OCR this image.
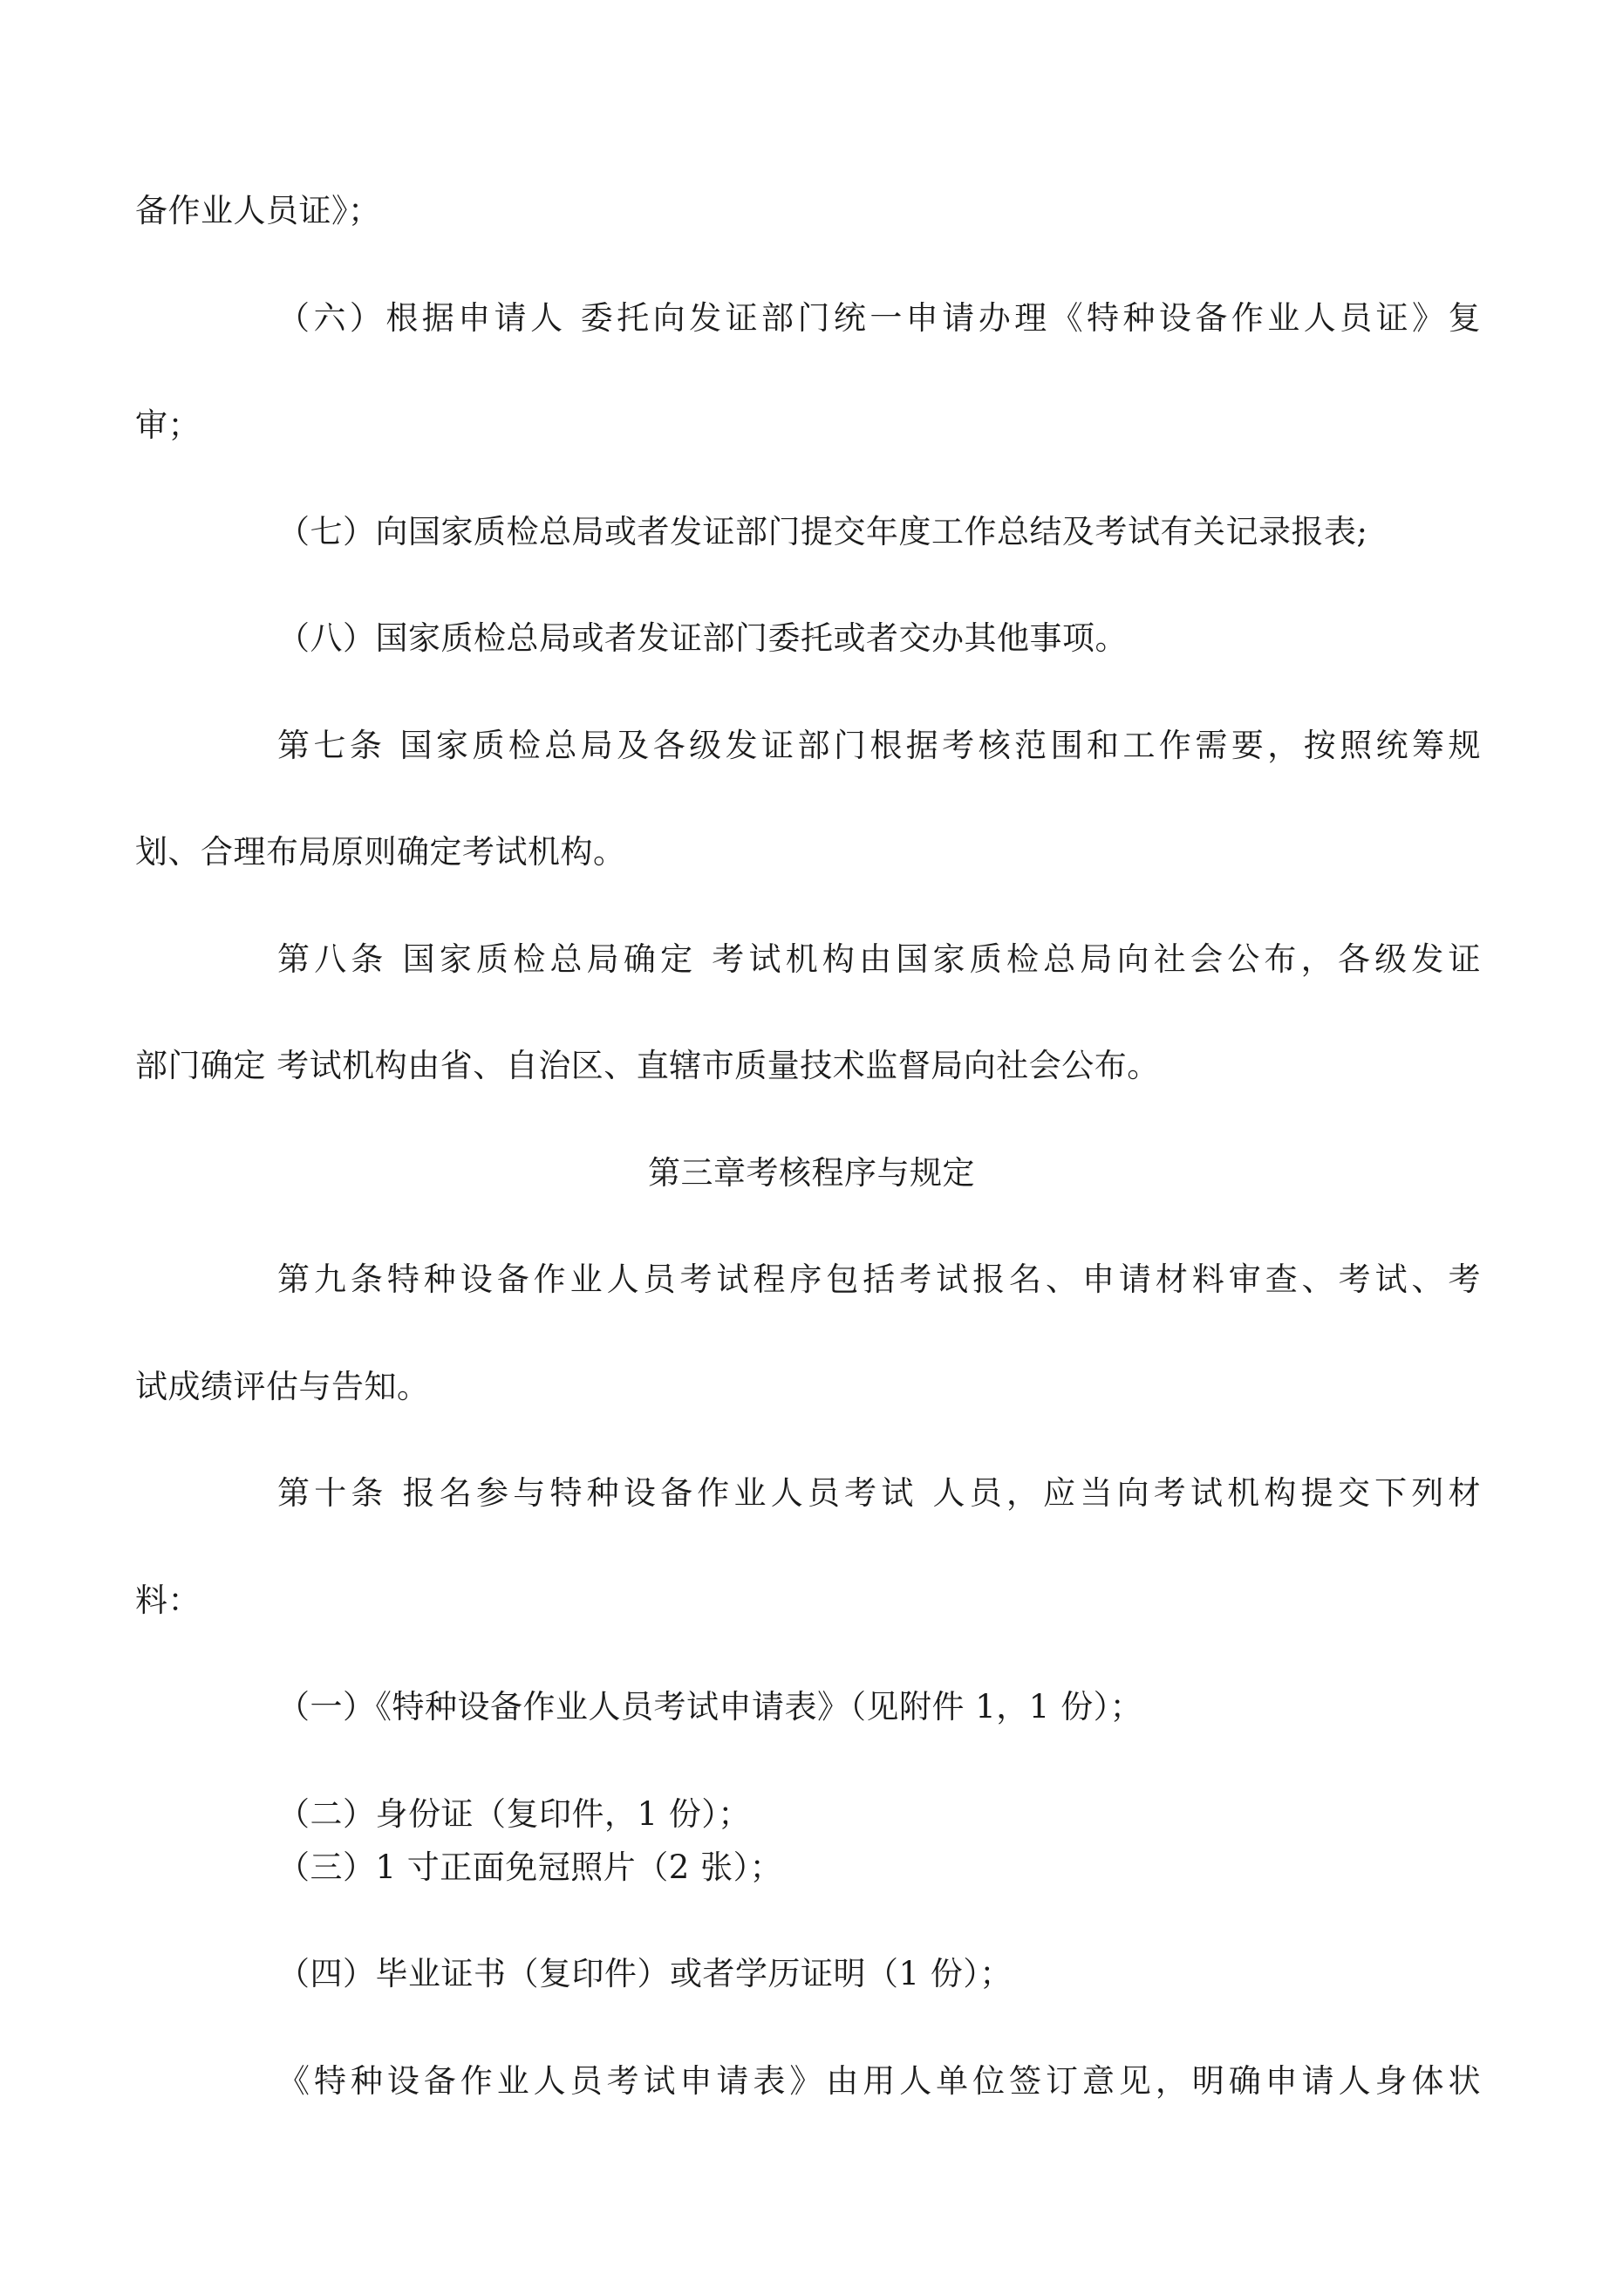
备作业人员证》；
（六）根据申请人 委托向发证部门统一申请办理《特种设备作业人员证》复
审；
（七）向国家质检总局或者发证部门提交年度工作总结及考试有关记录报表;
（八）国家质检总局或者发证部门委托或者交办其他事项。
第七条 国家质检总局及各级发证部门根据考核范围和工作需要，按照统筹规
划、合理布局原则确定考试机构。
第八条 国家质检总局确定 考试机构由国家质检总局向社会公布，各级发证
部门确定 考试机构由省、自治区、直辖市质量技术监督局向社会公布。
第三章考核程序与规定
第九条特种设备作业人员考试程序包括考试报名、申请材料审查、考试、考
试成绩评估与告知。
第十条 报名参与特种设备作业人员考试 人员，应当向考试机构提交下列材
料：
（一）《特种设备作业人员考试申请表》（见附件 1，1 份）；
（二）身份证（复印件，1 份）；
（三）1 寸正面免冠照片（2 张）；
（四）毕业证书（复印件）或者学历证明（1 份）；
《特种设备作业人员考试申请表》由用人单位签订意见，明确申请人身体状
